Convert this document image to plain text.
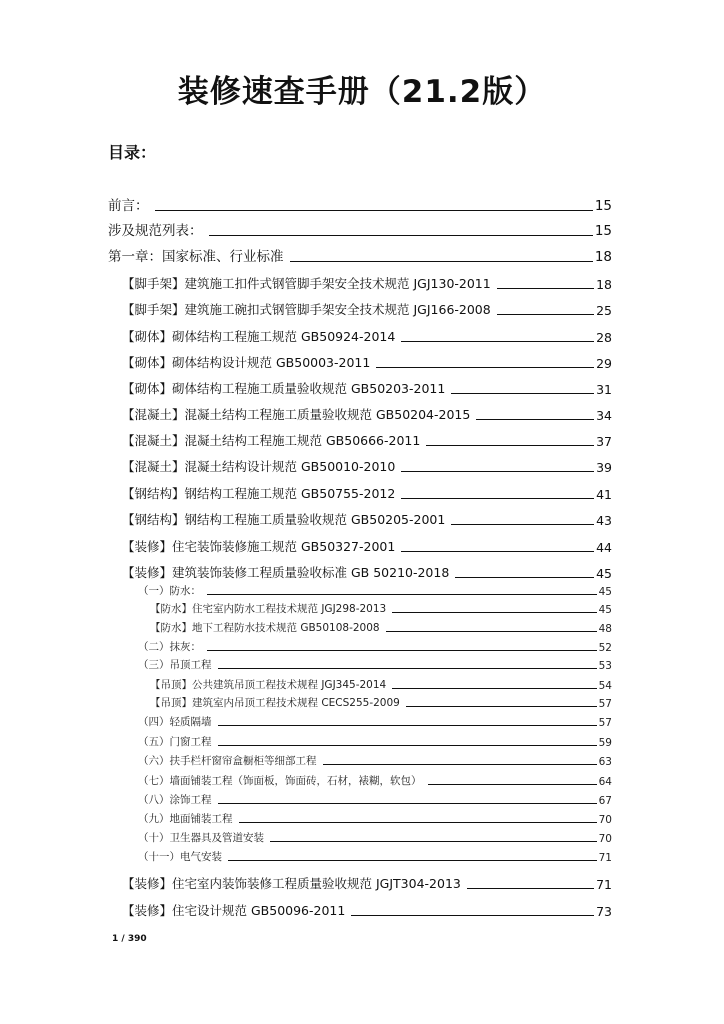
装修速查手册（21.2版）
目录：
前言：	15
涉及规范列表：	15
第一章：国家标准、行业标准	18
【脚手架】建筑施工扣件式钢管脚手架安全技术规范 JGJ130-2011	18
【脚手架】建筑施工碗扣式钢管脚手架安全技术规范 JGJ166-2008	25
【砌体】砌体结构工程施工规范 GB50924-2014	28
【砌体】砌体结构设计规范 GB50003-2011	29
【砌体】砌体结构工程施工质量验收规范 GB50203-2011	31
【混凝土】混凝土结构工程施工质量验收规范 GB50204-2015	34
【混凝土】混凝土结构工程施工规范 GB50666-2011	37
【混凝土】混凝土结构设计规范 GB50010-2010	39
【钢结构】钢结构工程施工规范 GB50755-2012	41
【钢结构】钢结构工程施工质量验收规范 GB50205-2001	43
【装修】住宅装饰装修施工规范 GB50327-2001	44
【装修】建筑装饰装修工程质量验收标准 GB 50210-2018	45
（一）防水：	45
【防水】住宅室内防水工程技术规范 JGJ298-2013	45
【防水】地下工程防水技术规范 GB50108-2008	48
（二）抹灰：	52
（三）吊顶工程	53
【吊顶】公共建筑吊顶工程技术规程 JGJ345-2014	54
【吊顶】建筑室内吊顶工程技术规程 CECS255-2009	57
（四）轻质隔墙	57
（五）门窗工程	59
（六）扶手栏杆窗帘盒橱柜等细部工程	63
（七）墙面铺装工程（饰面板，饰面砖，石材，裱糊，软包）	64
（八）涂饰工程	67
（九）地面铺装工程	70
（十）卫生器具及管道安装	70
（十一）电气安装	71
【装修】住宅室内装饰装修工程质量验收规范 JGJT304-2013	71
【装修】住宅设计规范 GB50096-2011	73
1 / 390
